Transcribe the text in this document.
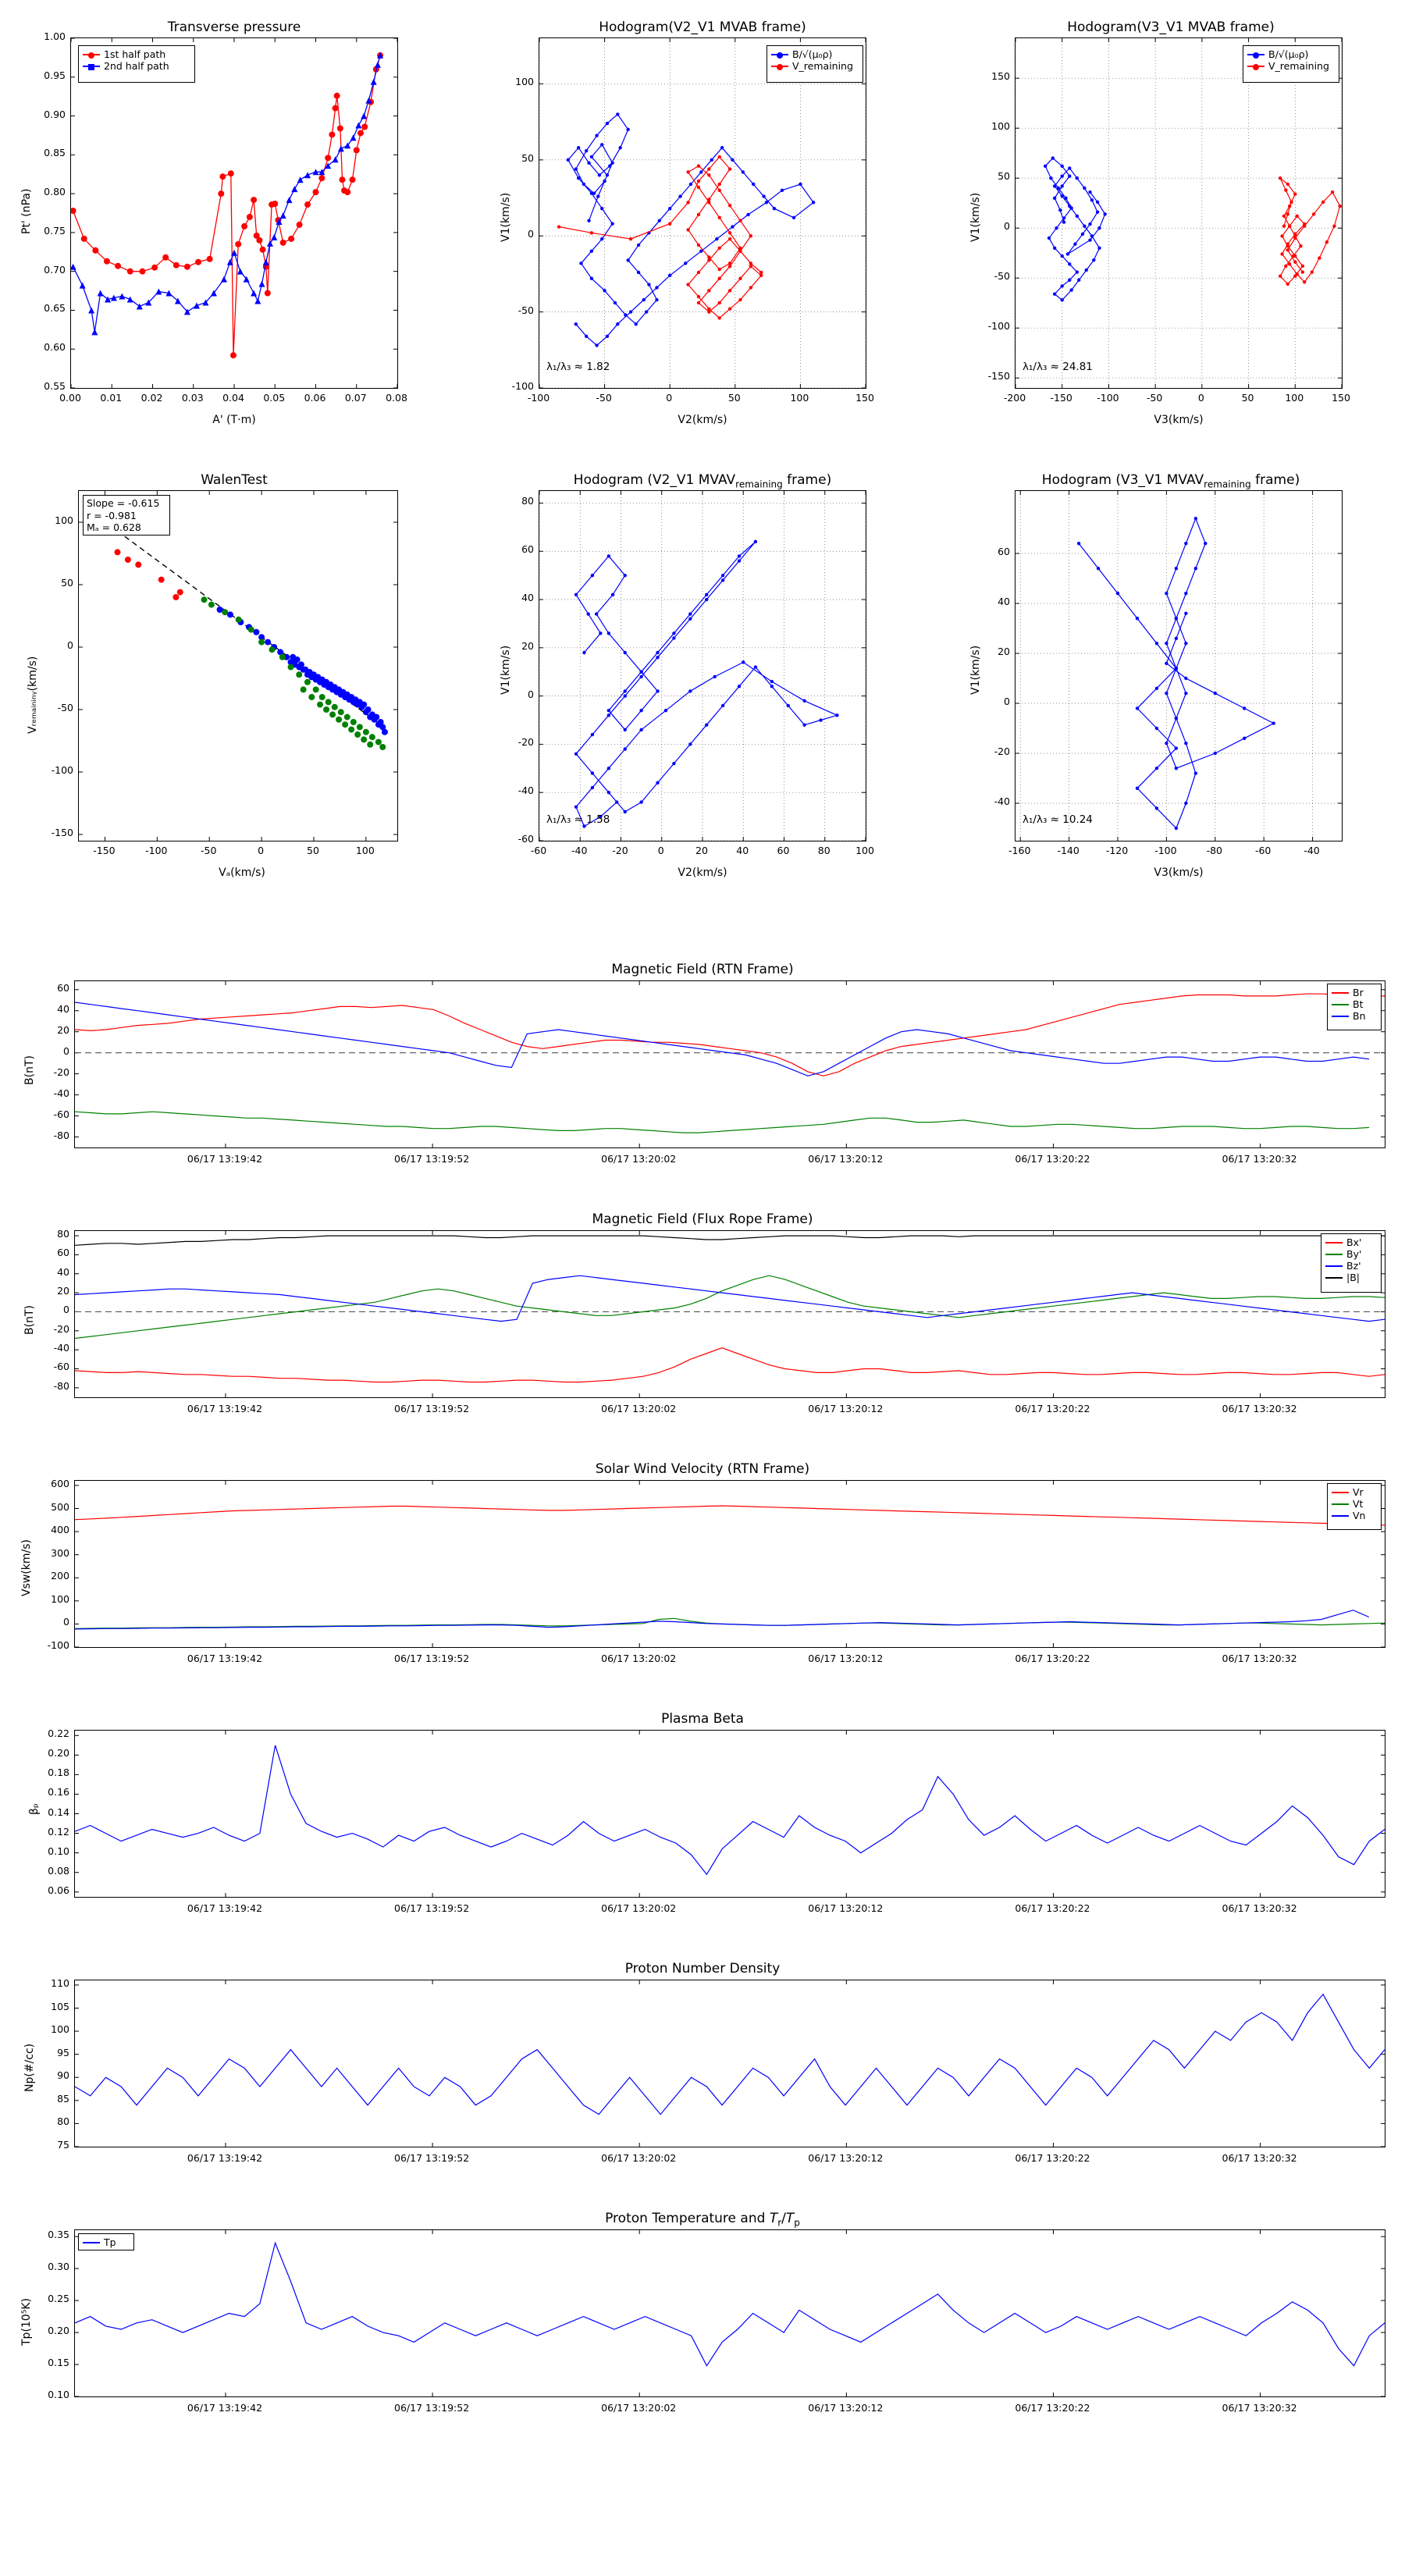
Transverse pressure
Pt' (nPa)
A' (T·m)
1st half path
2nd half path
0.00	0.01	0.02	0.03	0.04	0.05	0.06	0.07	0.08
0.55
0.60
0.65
0.70
0.75
0.80
0.85
0.90
0.95
1.00
Hodogram(V2_V1 MVAB frame)
V1(km/s)
V2(km/s)
B/√(μ₀ρ)
V_remaining
λ₁/λ₃ ≈ 1.82
-100	-50	0	50	100	150
-100
-50
0
50
100
Hodogram(V3_V1 MVAB frame)
V1(km/s)
V3(km/s)
B/√(μ₀ρ)
V_remaining
λ₁/λ₃ ≈ 24.81
-200	-150	-100	-50	0	50	100	150
-150
-100
-50
0
50
100
150
WalenTest
Vᵣₑₘₐᵢₙᵢₙᵧ(km/s)
Vₐ(km/s)
Slope = -0.615
r = -0.981
Mₐ = 0.628
-150	-100	-50	0	50	100
-150
-100
-50
0
50
100
Hodogram (V2_V1 $MVAV_{remaining}$ frame)
V1(km/s)
V2(km/s)
λ₁/λ₃ ≈ 1.58
-60	-40	-20	0	20	40	60	80	100
-60
-40
-20
0
20
40
60
80
Hodogram (V3_V1 $MVAV_{remaining}$ frame)
V1(km/s)
V3(km/s)
λ₁/λ₃ ≈ 10.24
-160	-140	-120	-100	-80	-60	-40
-40
-20
0
20
40
60
Magnetic Field (RTN Frame)
B(nT)
Br
Bt
Bn
06/17 13:19:42	06/17 13:19:52	06/17 13:20:02	06/17 13:20:12	06/17 13:20:22	06/17 13:20:32
-80
-60
-40
-20
0
20
40
60
Magnetic Field (Flux Rope Frame)
B(nT)
Bx'
By'
Bz'
|B|
06/17 13:19:42	06/17 13:19:52	06/17 13:20:02	06/17 13:20:12	06/17 13:20:22	06/17 13:20:32
-80
-60
-40
-20
0
20
40
60
80
Solar Wind Velocity (RTN Frame)
Vsw(km/s)
Vr
Vt
Vn
06/17 13:19:42	06/17 13:19:52	06/17 13:20:02	06/17 13:20:12	06/17 13:20:22	06/17 13:20:32
-100
0
100
200
300
400
500
600
Plasma Beta
βₚ
06/17 13:19:42	06/17 13:19:52	06/17 13:20:02	06/17 13:20:12	06/17 13:20:22	06/17 13:20:32
0.06
0.08
0.10
0.12
0.14
0.16
0.18
0.20
0.22
Proton Number Density
Np(#/cc)
06/17 13:19:42	06/17 13:19:52	06/17 13:20:02	06/17 13:20:12	06/17 13:20:22	06/17 13:20:32
75
80
85
90
95
100
105
110
Proton Temperature and $T_r/T_p$
Tp(10⁵K)
Tp
06/17 13:19:42	06/17 13:19:52	06/17 13:20:02	06/17 13:20:12	06/17 13:20:22	06/17 13:20:32
0.10
0.15
0.20
0.25
0.30
0.35
